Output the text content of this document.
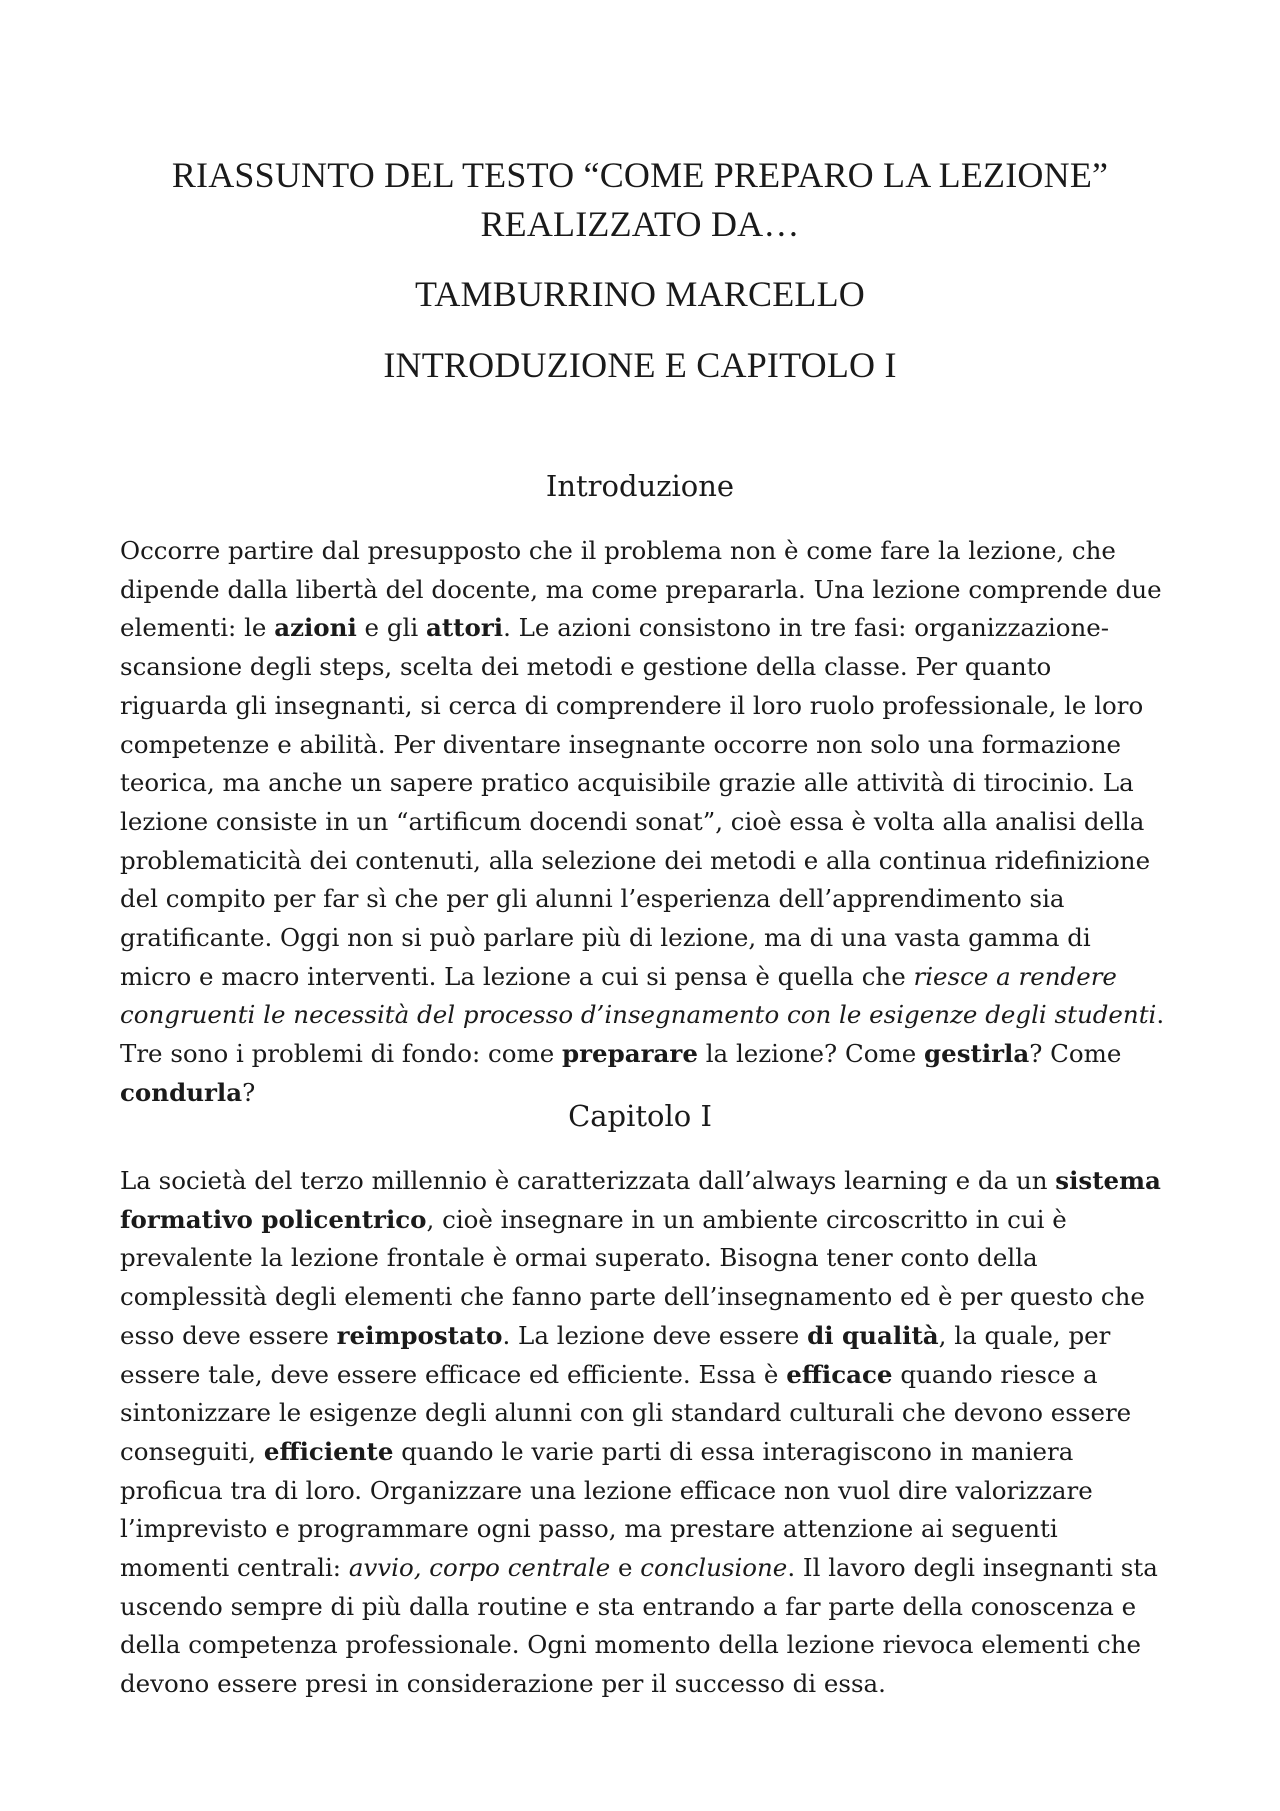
RIASSUNTO DEL TESTO “COME PREPARO LA LEZIONE”
REALIZZATO DA…
TAMBURRINO MARCELLO
INTRODUZIONE E CAPITOLO I
Introduzione

Occorre partire dal presupposto che il problema non è come fare la lezione, che dipende dalla libertà del docente, ma come prepararla. Una lezione comprende due elementi: le azioni e gli attori. Le azioni consistono in tre fasi: organizzazione-scansione degli steps, scelta dei metodi e gestione della classe. Per quanto riguarda gli insegnanti, si cerca di comprendere il loro ruolo professionale, le loro competenze e abilità. Per diventare insegnante occorre non solo una formazione teorica, ma anche un sapere pratico acquisibile grazie alle attività di tirocinio. La lezione consiste in un “artificum docendi sonat”, cioè essa è volta alla analisi della problematicità dei contenuti, alla selezione dei metodi e alla continua ridefinizione del compito per far sì che per gli alunni l’esperienza dell’apprendimento sia gratificante. Oggi non si può parlare più di lezione, ma di una vasta gamma di micro e macro interventi. La lezione a cui si pensa è quella che riesce a rendere congruenti le necessità del processo d’insegnamento con le esigenze degli studenti. Tre sono i problemi di fondo: come preparare la lezione? Come gestirla? Come condurla?

Capitolo I

La società del terzo millennio è caratterizzata dall’always learning e da un sistema formativo policentrico, cioè insegnare in un ambiente circoscritto in cui è prevalente la lezione frontale è ormai superato. Bisogna tener conto della complessità degli elementi che fanno parte dell’insegnamento ed è per questo che esso deve essere reimpostato. La lezione deve essere di qualità, la quale, per essere tale, deve essere efficace ed efficiente. Essa è efficace quando riesce a sintonizzare le esigenze degli alunni con gli standard culturali che devono essere conseguiti, efficiente quando le varie parti di essa interagiscono in maniera proficua tra di loro. Organizzare una lezione efficace non vuol dire valorizzare l’imprevisto e programmare ogni passo, ma prestare attenzione ai seguenti momenti centrali: avvio, corpo centrale e conclusione. Il lavoro degli insegnanti sta uscendo sempre di più dalla routine e sta entrando a far parte della conoscenza e della competenza professionale. Ogni momento della lezione rievoca elementi che devono essere presi in considerazione per il successo di essa.
